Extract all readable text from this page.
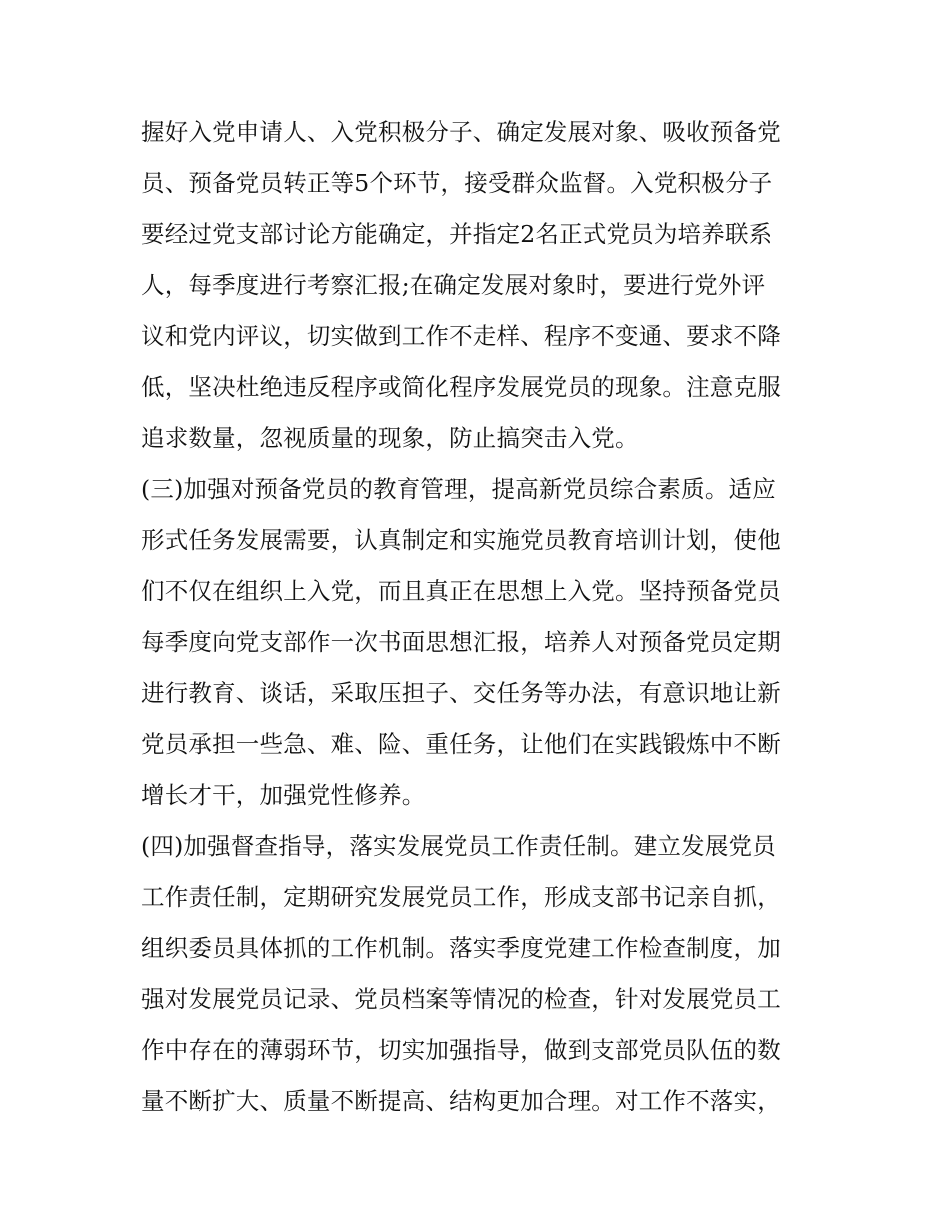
握好入党申请人、入党积极分子、确定发展对象、吸收预备党
员、预备党员转正等5个环节，接受群众监督。入党积极分子
要经过党支部讨论方能确定，并指定2名正式党员为培养联系
人，每季度进行考察汇报;在确定发展对象时，要进行党外评
议和党内评议，切实做到工作不走样、程序不变通、要求不降
低，坚决杜绝违反程序或简化程序发展党员的现象。注意克服
追求数量，忽视质量的现象，防止搞突击入党。
(三)加强对预备党员的教育管理，提高新党员综合素质。适应
形式任务发展需要，认真制定和实施党员教育培训计划，使他
们不仅在组织上入党，而且真正在思想上入党。坚持预备党员
每季度向党支部作一次书面思想汇报，培养人对预备党员定期
进行教育、谈话，采取压担子、交任务等办法，有意识地让新
党员承担一些急、难、险、重任务，让他们在实践锻炼中不断
增长才干，加强党性修养。
(四)加强督查指导，落实发展党员工作责任制。建立发展党员
工作责任制，定期研究发展党员工作，形成支部书记亲自抓，
组织委员具体抓的工作机制。落实季度党建工作检查制度，加
强对发展党员记录、党员档案等情况的检查，针对发展党员工
作中存在的薄弱环节，切实加强指导，做到支部党员队伍的数
量不断扩大、质量不断提高、结构更加合理。对工作不落实，
